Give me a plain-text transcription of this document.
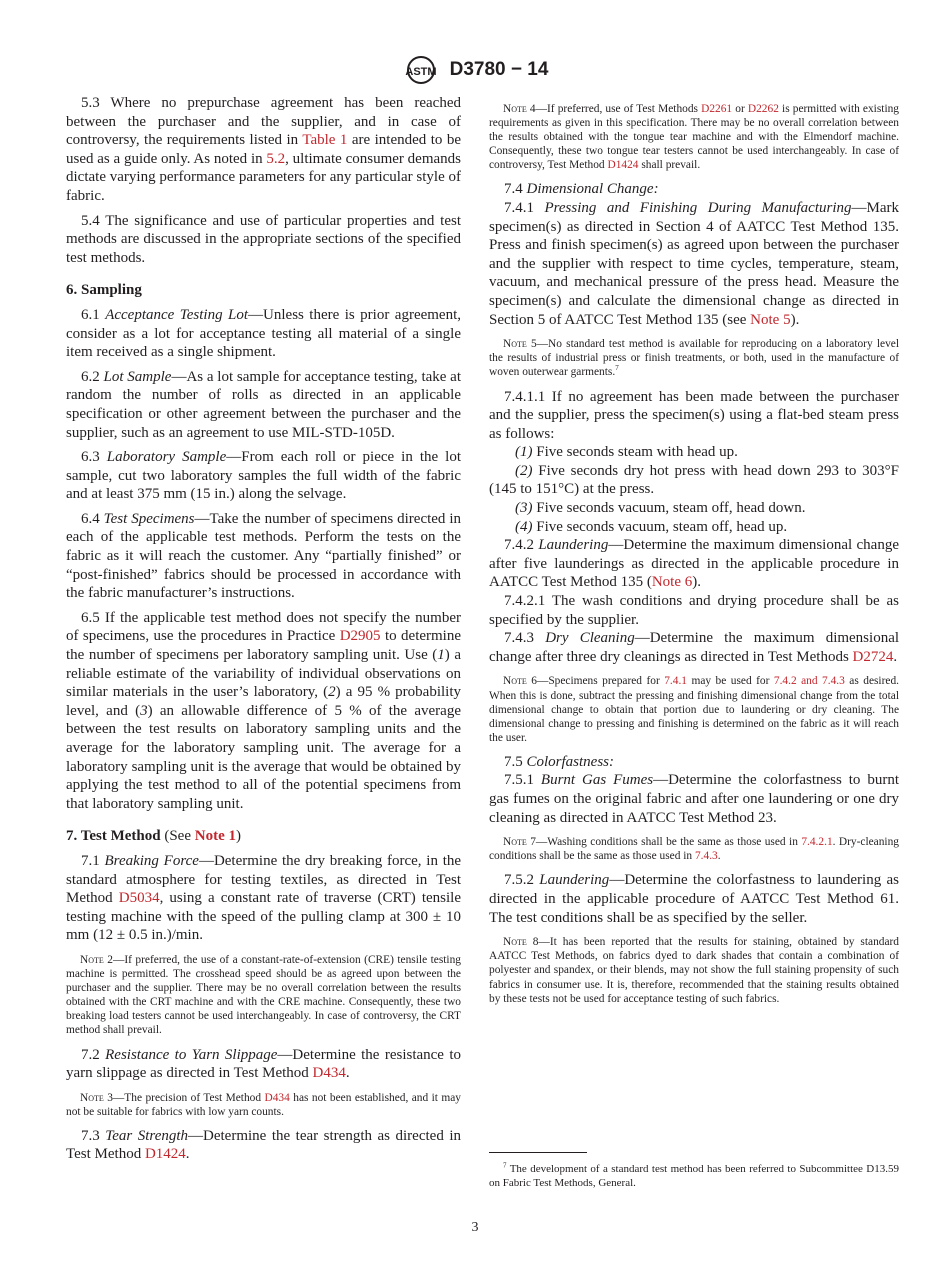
ASTM D3780 − 14

5.3 Where no prepurchase agreement has been reached between the purchaser and the supplier, and in case of controversy, the requirements listed in Table 1 are intended to be used as a guide only. As noted in 5.2, ultimate consumer demands dictate varying performance parameters for any particular style of fabric.

5.4 The significance and use of particular properties and test methods are discussed in the appropriate sections of the specified test methods.

6. Sampling

6.1 Acceptance Testing Lot—Unless there is prior agreement, consider as a lot for acceptance testing all material of a single item received as a single shipment.

6.2 Lot Sample—As a lot sample for acceptance testing, take at random the number of rolls as directed in an applicable specification or other agreement between the purchaser and the supplier, such as an agreement to use MIL-STD-105D.

6.3 Laboratory Sample—From each roll or piece in the lot sample, cut two laboratory samples the full width of the fabric and at least 375 mm (15 in.) along the selvage.

6.4 Test Specimens—Take the number of specimens directed in each of the applicable test methods. Perform the tests on the fabric as it will reach the customer. Any “partially finished” or “post-finished” fabrics should be processed in accordance with the fabric manufacturer’s instructions.

6.5 If the applicable test method does not specify the number of specimens, use the procedures in Practice D2905 to determine the number of specimens per laboratory sampling unit. Use (1) a reliable estimate of the variability of individual observations on similar materials in the user’s laboratory, (2) a 95 % probability level, and (3) an allowable difference of 5 % of the average between the test results on laboratory sampling units and the average for the laboratory sampling unit. The average for a laboratory sampling unit is the average that would be obtained by applying the test method to all of the potential specimens from that laboratory sampling unit.

7. Test Method (See Note 1)

7.1 Breaking Force—Determine the dry breaking force, in the standard atmosphere for testing textiles, as directed in Test Method D5034, using a constant rate of traverse (CRT) tensile testing machine with the speed of the pulling clamp at 300 ± 10 mm (12 ± 0.5 in.)/min.

Note 2—If preferred, the use of a constant-rate-of-extension (CRE) tensile testing machine is permitted. The crosshead speed should be as agreed upon between the purchaser and the supplier. There may be no overall correlation between the results obtained with the CRT machine and with the CRE machine. Consequently, these two breaking load testers cannot be used interchangeably. In case of controversy, the CRT method shall prevail.

7.2 Resistance to Yarn Slippage—Determine the resistance to yarn slippage as directed in Test Method D434.

Note 3—The precision of Test Method D434 has not been established, and it may not be suitable for fabrics with low yarn counts.

7.3 Tear Strength—Determine the tear strength as directed in Test Method D1424.

Note 4—If preferred, use of Test Methods D2261 or D2262 is permitted with existing requirements as given in this specification. There may be no overall correlation between the results obtained with the tongue tear machine and with the Elmendorf machine. Consequently, these two tongue tear testers cannot be used interchangeably. In case of controversy, Test Method D1424 shall prevail.

7.4 Dimensional Change:

7.4.1 Pressing and Finishing During Manufacturing—Mark specimen(s) as directed in Section 4 of AATCC Test Method 135. Press and finish specimen(s) as agreed upon between the purchaser and the supplier with respect to time cycles, temperature, steam, vacuum, and mechanical pressure of the press head. Measure the specimen(s) and calculate the dimensional change as directed in Section 5 of AATCC Test Method 135 (see Note 5).

Note 5—No standard test method is available for reproducing on a laboratory level the results of industrial press or finish treatments, or both, used in the manufacture of woven outerwear garments.$^7$

7.4.1.1 If no agreement has been made between the purchaser and the supplier, press the specimen(s) using a flat-bed steam press as follows:

(1) Five seconds steam with head up.

(2) Five seconds dry hot press with head down 293 to 303°F (145 to 151°C) at the press.

(3) Five seconds vacuum, steam off, head down.

(4) Five seconds vacuum, steam off, head up.

7.4.2 Laundering—Determine the maximum dimensional change after five launderings as directed in the applicable procedure in AATCC Test Method 135 (Note 6).

7.4.2.1 The wash conditions and drying procedure shall be as specified by the supplier.

7.4.3 Dry Cleaning—Determine the maximum dimensional change after three dry cleanings as directed in Test Methods D2724.

Note 6—Specimens prepared for 7.4.1 may be used for 7.4.2 and 7.4.3 as desired. When this is done, subtract the pressing and finishing dimensional change from the total dimensional change to obtain that portion due to laundering or dry cleaning. The dimensional change to pressing and finishing is determined on the fabric as it will reach the user.

7.5 Colorfastness:

7.5.1 Burnt Gas Fumes—Determine the colorfastness to burnt gas fumes on the original fabric and after one laundering or one dry cleaning as directed in AATCC Test Method 23.

Note 7—Washing conditions shall be the same as those used in 7.4.2.1. Dry-cleaning conditions shall be the same as those used in 7.4.3.

7.5.2 Laundering—Determine the colorfastness to laundering as directed in the applicable procedure of AATCC Test Method 61. The test conditions shall be as specified by the seller.

Note 8—It has been reported that the results for staining, obtained by standard AATCC Test Methods, on fabrics dyed to dark shades that contain a combination of polyester and spandex, or their blends, may not show the full staining propensity of such fabrics in consumer use. It is, therefore, recommended that the staining results obtained by these tests not be used for acceptance testing of such fabrics.

$^7$ The development of a standard test method has been referred to Subcommittee D13.59 on Fabric Test Methods, General.

3
